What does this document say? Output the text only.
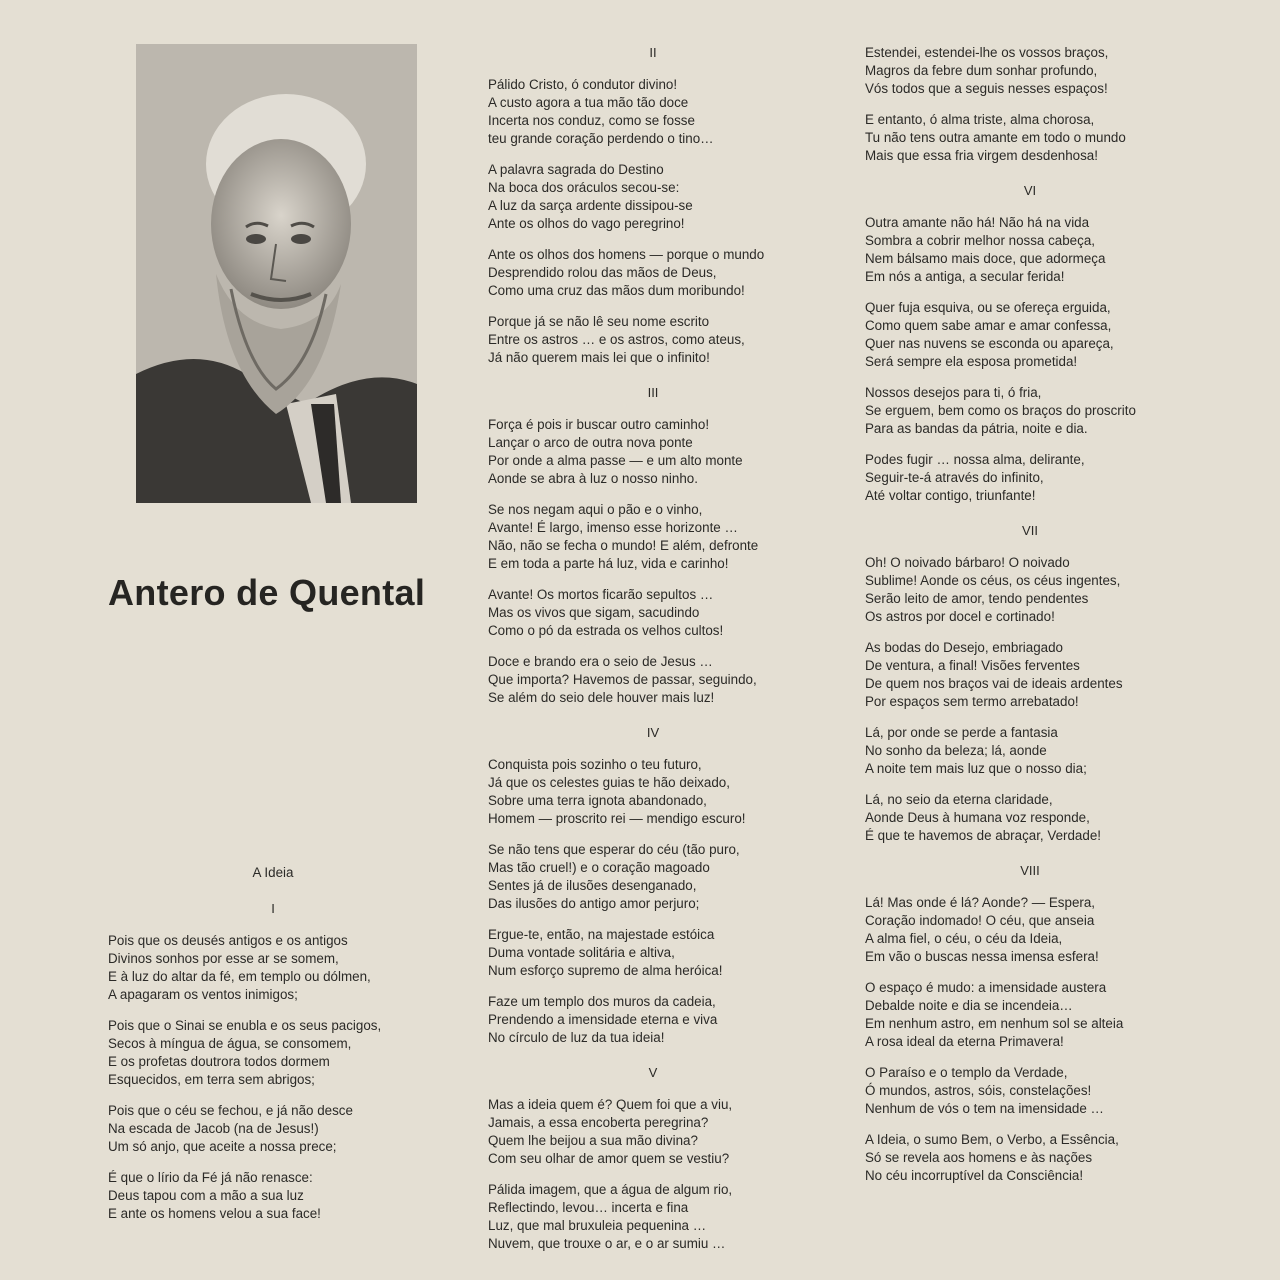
Antero de Quental
A Ideia
I

Pois que os deusés antigos e os antigos
Divinos sonhos por esse ar se somem,
E à luz do altar da fé, em templo ou dólmen,
A apagaram os ventos inimigos;

Pois que o Sinai se enubla e os seus pacigos,
Secos à míngua de água, se consomem,
E os profetas doutrora todos dormem
Esquecidos, em terra sem abrigos;

Pois que o céu se fechou, e já não desce
Na escada de Jacob (na de Jesus!)
Um só anjo, que aceite a nossa prece;

É que o lírio da Fé já não renasce:
Deus tapou com a mão a sua luz
E ante os homens velou a sua face!

II

Pálido Cristo, ó condutor divino!
A custo agora a tua mão tão doce
Incerta nos conduz, como se fosse
teu grande coração perdendo o tino…

A palavra sagrada do Destino
Na boca dos oráculos secou-se:
A luz da sarça ardente dissipou-se
Ante os olhos do vago peregrino!

Ante os olhos dos homens — porque o mundo
Desprendido rolou das mãos de Deus,
Como uma cruz das mãos dum moribundo!

Porque já se não lê seu nome escrito
Entre os astros … e os astros, como ateus,
Já não querem mais lei que o infinito!

III

Força é pois ir buscar outro caminho!
Lançar o arco de outra nova ponte
Por onde a alma passe — e um alto monte
Aonde se abra à luz o nosso ninho.

Se nos negam aqui o pão e o vinho,
Avante! É largo, imenso esse horizonte …
Não, não se fecha o mundo! E além, defronte
E em toda a parte há luz, vida e carinho!

Avante! Os mortos ficarão sepultos …
Mas os vivos que sigam, sacudindo
Como o pó da estrada os velhos cultos!

Doce e brando era o seio de Jesus …
Que importa? Havemos de passar, seguindo,
Se além do seio dele houver mais luz!

IV

Conquista pois sozinho o teu futuro,
Já que os celestes guias te hão deixado,
Sobre uma terra ignota abandonado,
Homem — proscrito rei — mendigo escuro!

Se não tens que esperar do céu (tão puro,
Mas tão cruel!) e o coração magoado
Sentes já de ilusões desenganado,
Das ilusões do antigo amor perjuro;

Ergue-te, então, na majestade estóica
Duma vontade solitária e altiva,
Num esforço supremo de alma heróica!

Faze um templo dos muros da cadeia,
Prendendo a imensidade eterna e viva
No círculo de luz da tua ideia!

V

Mas a ideia quem é? Quem foi que a viu,
Jamais, a essa encoberta peregrina?
Quem lhe beijou a sua mão divina?
Com seu olhar de amor quem se vestiu?

Pálida imagem, que a água de algum rio,
Reflectindo, levou… incerta e fina
Luz, que mal bruxuleia pequenina …
Nuvem, que trouxe o ar, e o ar sumiu …

Estendei, estendei-lhe os vossos braços,
Magros da febre dum sonhar profundo,
Vós todos que a seguis nesses espaços!

E entanto, ó alma triste, alma chorosa,
Tu não tens outra amante em todo o mundo
Mais que essa fria virgem desdenhosa!

VI

Outra amante não há! Não há na vida
Sombra a cobrir melhor nossa cabeça,
Nem bálsamo mais doce, que adormeça
Em nós a antiga, a secular ferida!

Quer fuja esquiva, ou se ofereça erguida,
Como quem sabe amar e amar confessa,
Quer nas nuvens se esconda ou apareça,
Será sempre ela esposa prometida!

Nossos desejos para ti, ó fria,
Se erguem, bem como os braços do proscrito
Para as bandas da pátria, noite e dia.

Podes fugir … nossa alma, delirante,
Seguir-te-á através do infinito,
Até voltar contigo, triunfante!

VII

Oh! O noivado bárbaro! O noivado
Sublime! Aonde os céus, os céus ingentes,
Serão leito de amor, tendo pendentes
Os astros por docel e cortinado!

As bodas do Desejo, embriagado
De ventura, a final! Visões ferventes
De quem nos braços vai de ideais ardentes
Por espaços sem termo arrebatado!

Lá, por onde se perde a fantasia
No sonho da beleza; lá, aonde
A noite tem mais luz que o nosso dia;

Lá, no seio da eterna claridade,
Aonde Deus à humana voz responde,
É que te havemos de abraçar, Verdade!

VIII

Lá! Mas onde é lá? Aonde? — Espera,
Coração indomado! O céu, que anseia
A alma fiel, o céu, o céu da Ideia,
Em vão o buscas nessa imensa esfera!

O espaço é mudo: a imensidade austera
Debalde noite e dia se incendeia…
Em nenhum astro, em nenhum sol se alteia
A rosa ideal da eterna Primavera!

O Paraíso e o templo da Verdade,
Ó mundos, astros, sóis, constelações!
Nenhum de vós o tem na imensidade …

A Ideia, o sumo Bem, o Verbo, a Essência,
Só se revela aos homens e às nações
No céu incorruptível da Consciência!
